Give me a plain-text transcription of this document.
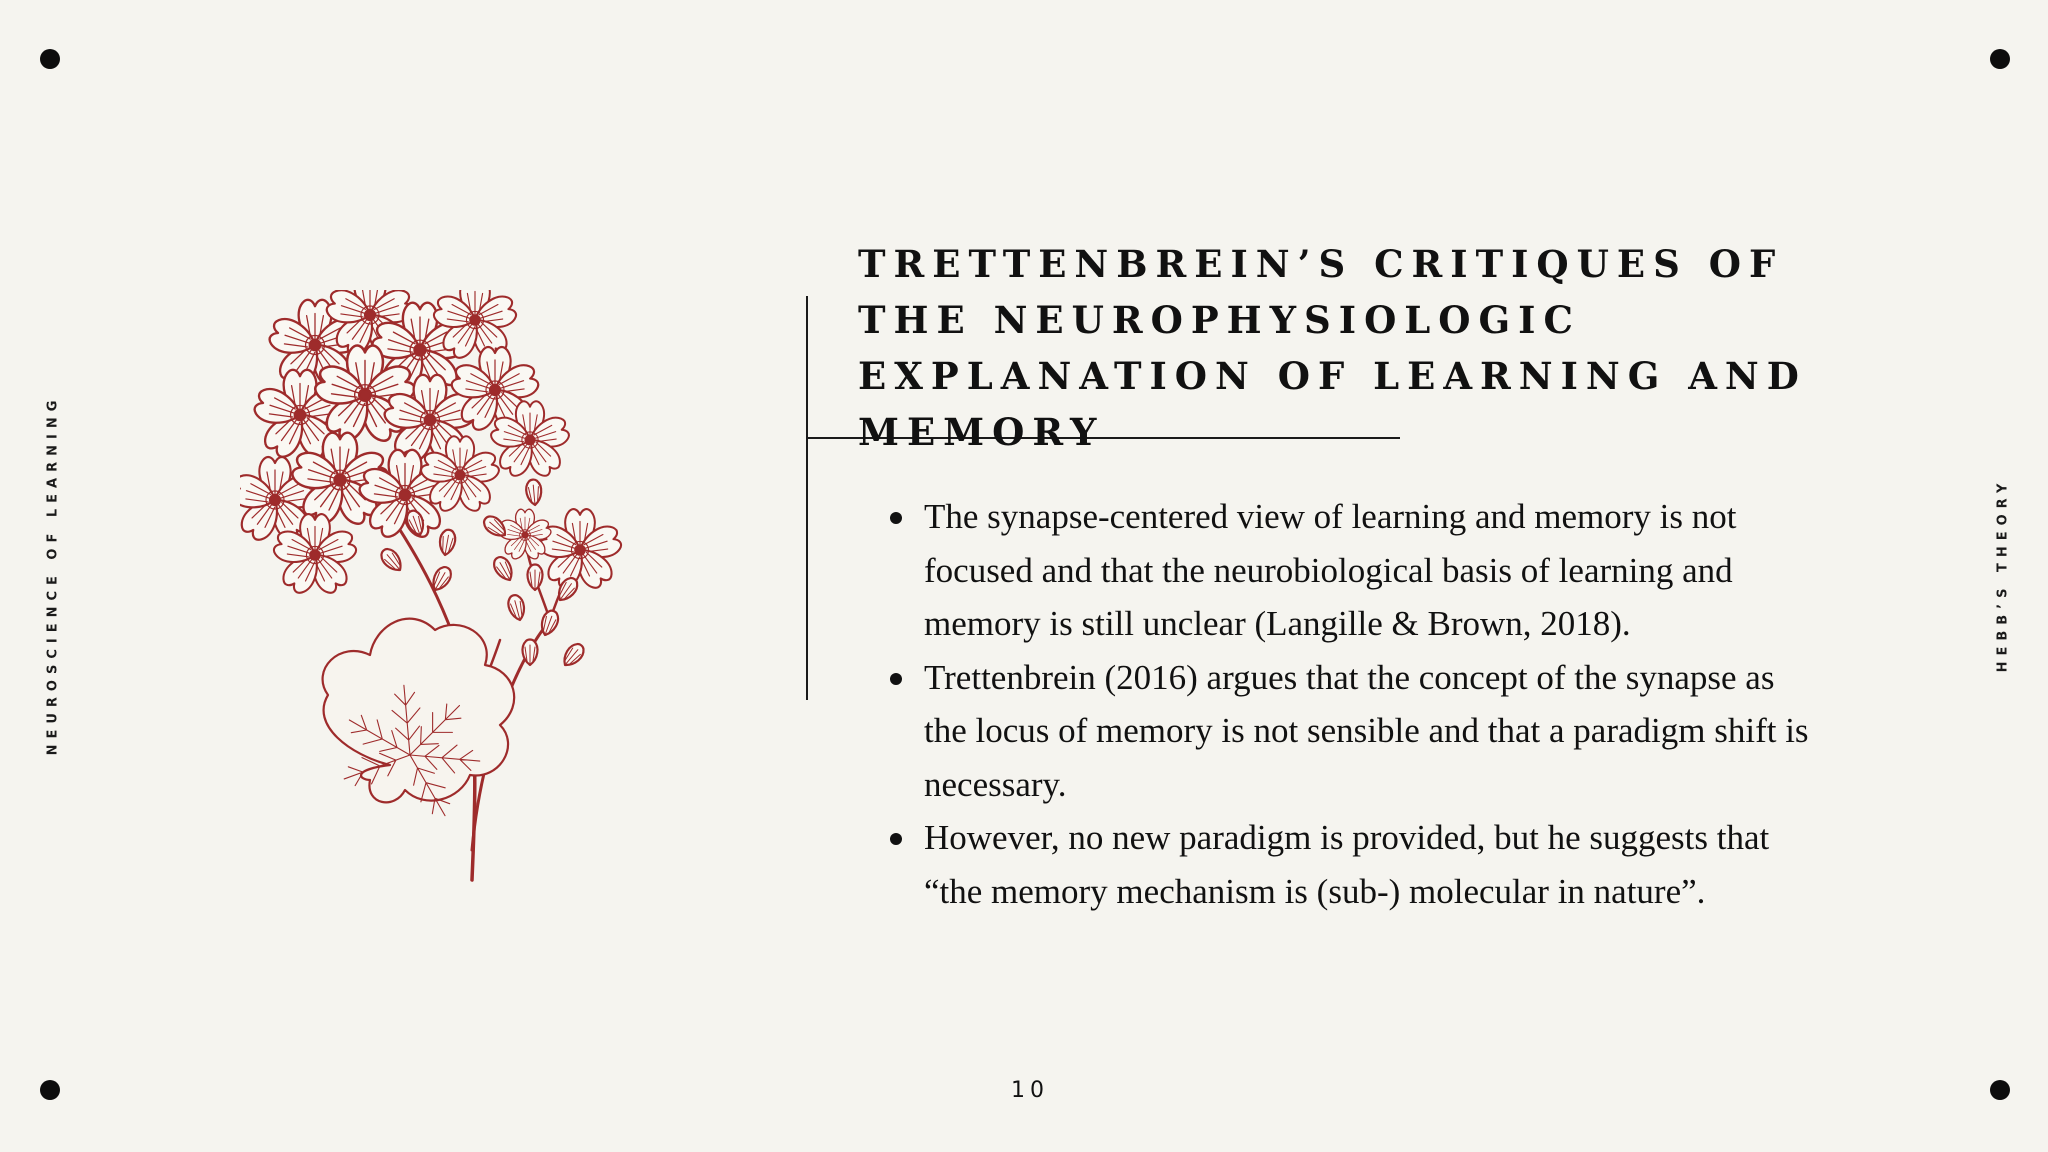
NEUROSCIENCE OF LEARNING	HEBB’S THEORY
TRETTENBREIN’S CRITIQUES OF THE NEUROPHYSIOLOGIC EXPLANATION OF LEARNING AND MEMORY
The synapse-centered view of learning and memory is not focused and that the neurobiological basis of learning and memory is still unclear (Langille & Brown, 2018).
Trettenbrein (2016) argues that the concept of the synapse as the locus of memory is not sensible and that a paradigm shift is necessary.
However, no new paradigm is provided, but he suggests that “the memory mechanism is (sub-) molecular in nature”.
10
